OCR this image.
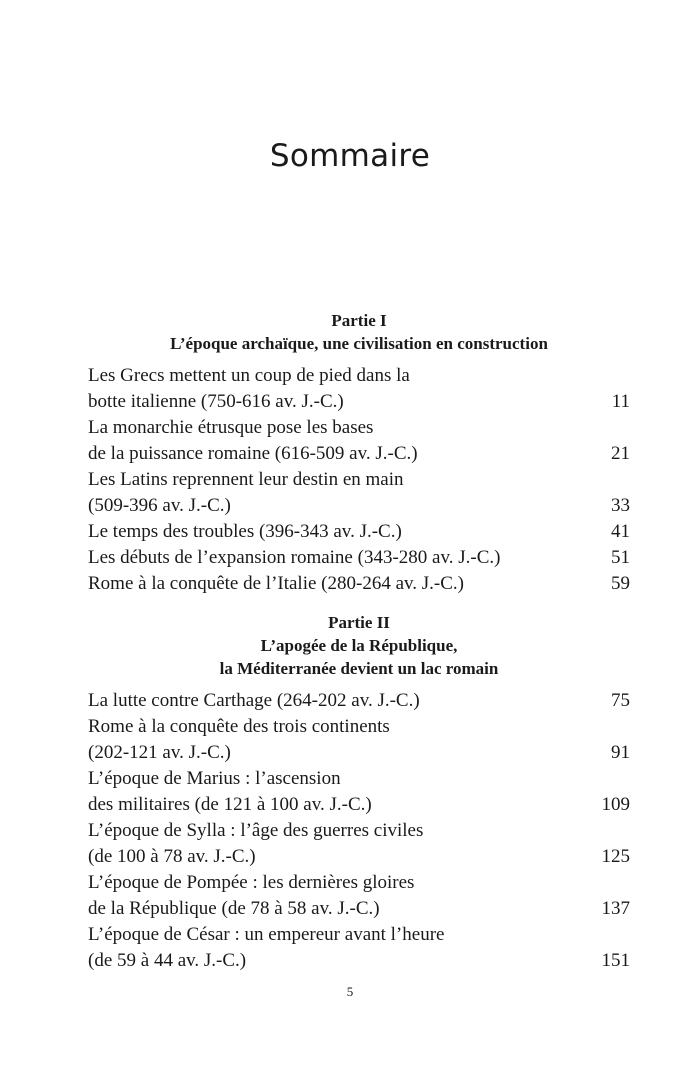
Sommaire

Partie I

L’époque archaïque, une civilisation en construction

Les Grecs mettent un coup de pied dans la
botte italienne (750-616 av. J.-C.)	11
La monarchie étrusque pose les bases
de la puissance romaine (616-509 av. J.-C.)	21
Les Latins reprennent leur destin en main
(509-396 av. J.-C.)	33
Le temps des troubles (396-343 av. J.-C.)	41
Les débuts de l’expansion romaine (343-280 av. J.-C.)	51
Rome à la conquête de l’Italie (280-264 av. J.-C.)	59

Partie II

L’apogée de la République,

la Méditerranée devient un lac romain

La lutte contre Carthage (264-202 av. J.-C.)	75
Rome à la conquête des trois continents
(202-121 av. J.-C.)	91
L’époque de Marius : l’ascension
des militaires (de 121 à 100 av. J.-C.)	109
L’époque de Sylla : l’âge des guerres civiles
(de 100 à 78 av. J.-C.)	125
L’époque de Pompée : les dernières gloires
de la République (de 78 à 58 av. J.-C.)	137
L’époque de César : un empereur avant l’heure
(de 59 à 44 av. J.-C.)	151
5
